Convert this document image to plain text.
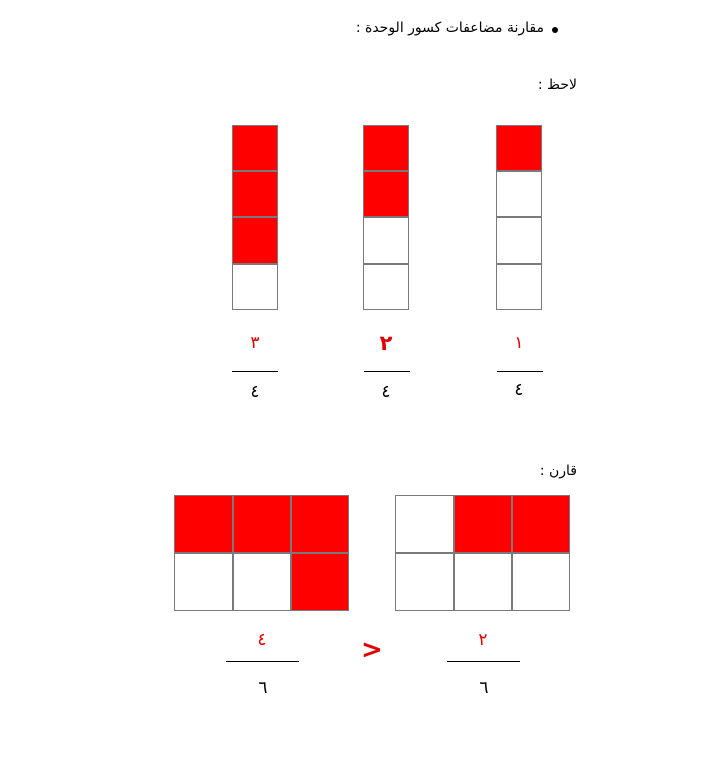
مقارنة مضاعفات كسور الوحدة :
لاحظ :
١
٤
٢
٤
٣
٤
قارن :
٢
٦
>
٤
٦
